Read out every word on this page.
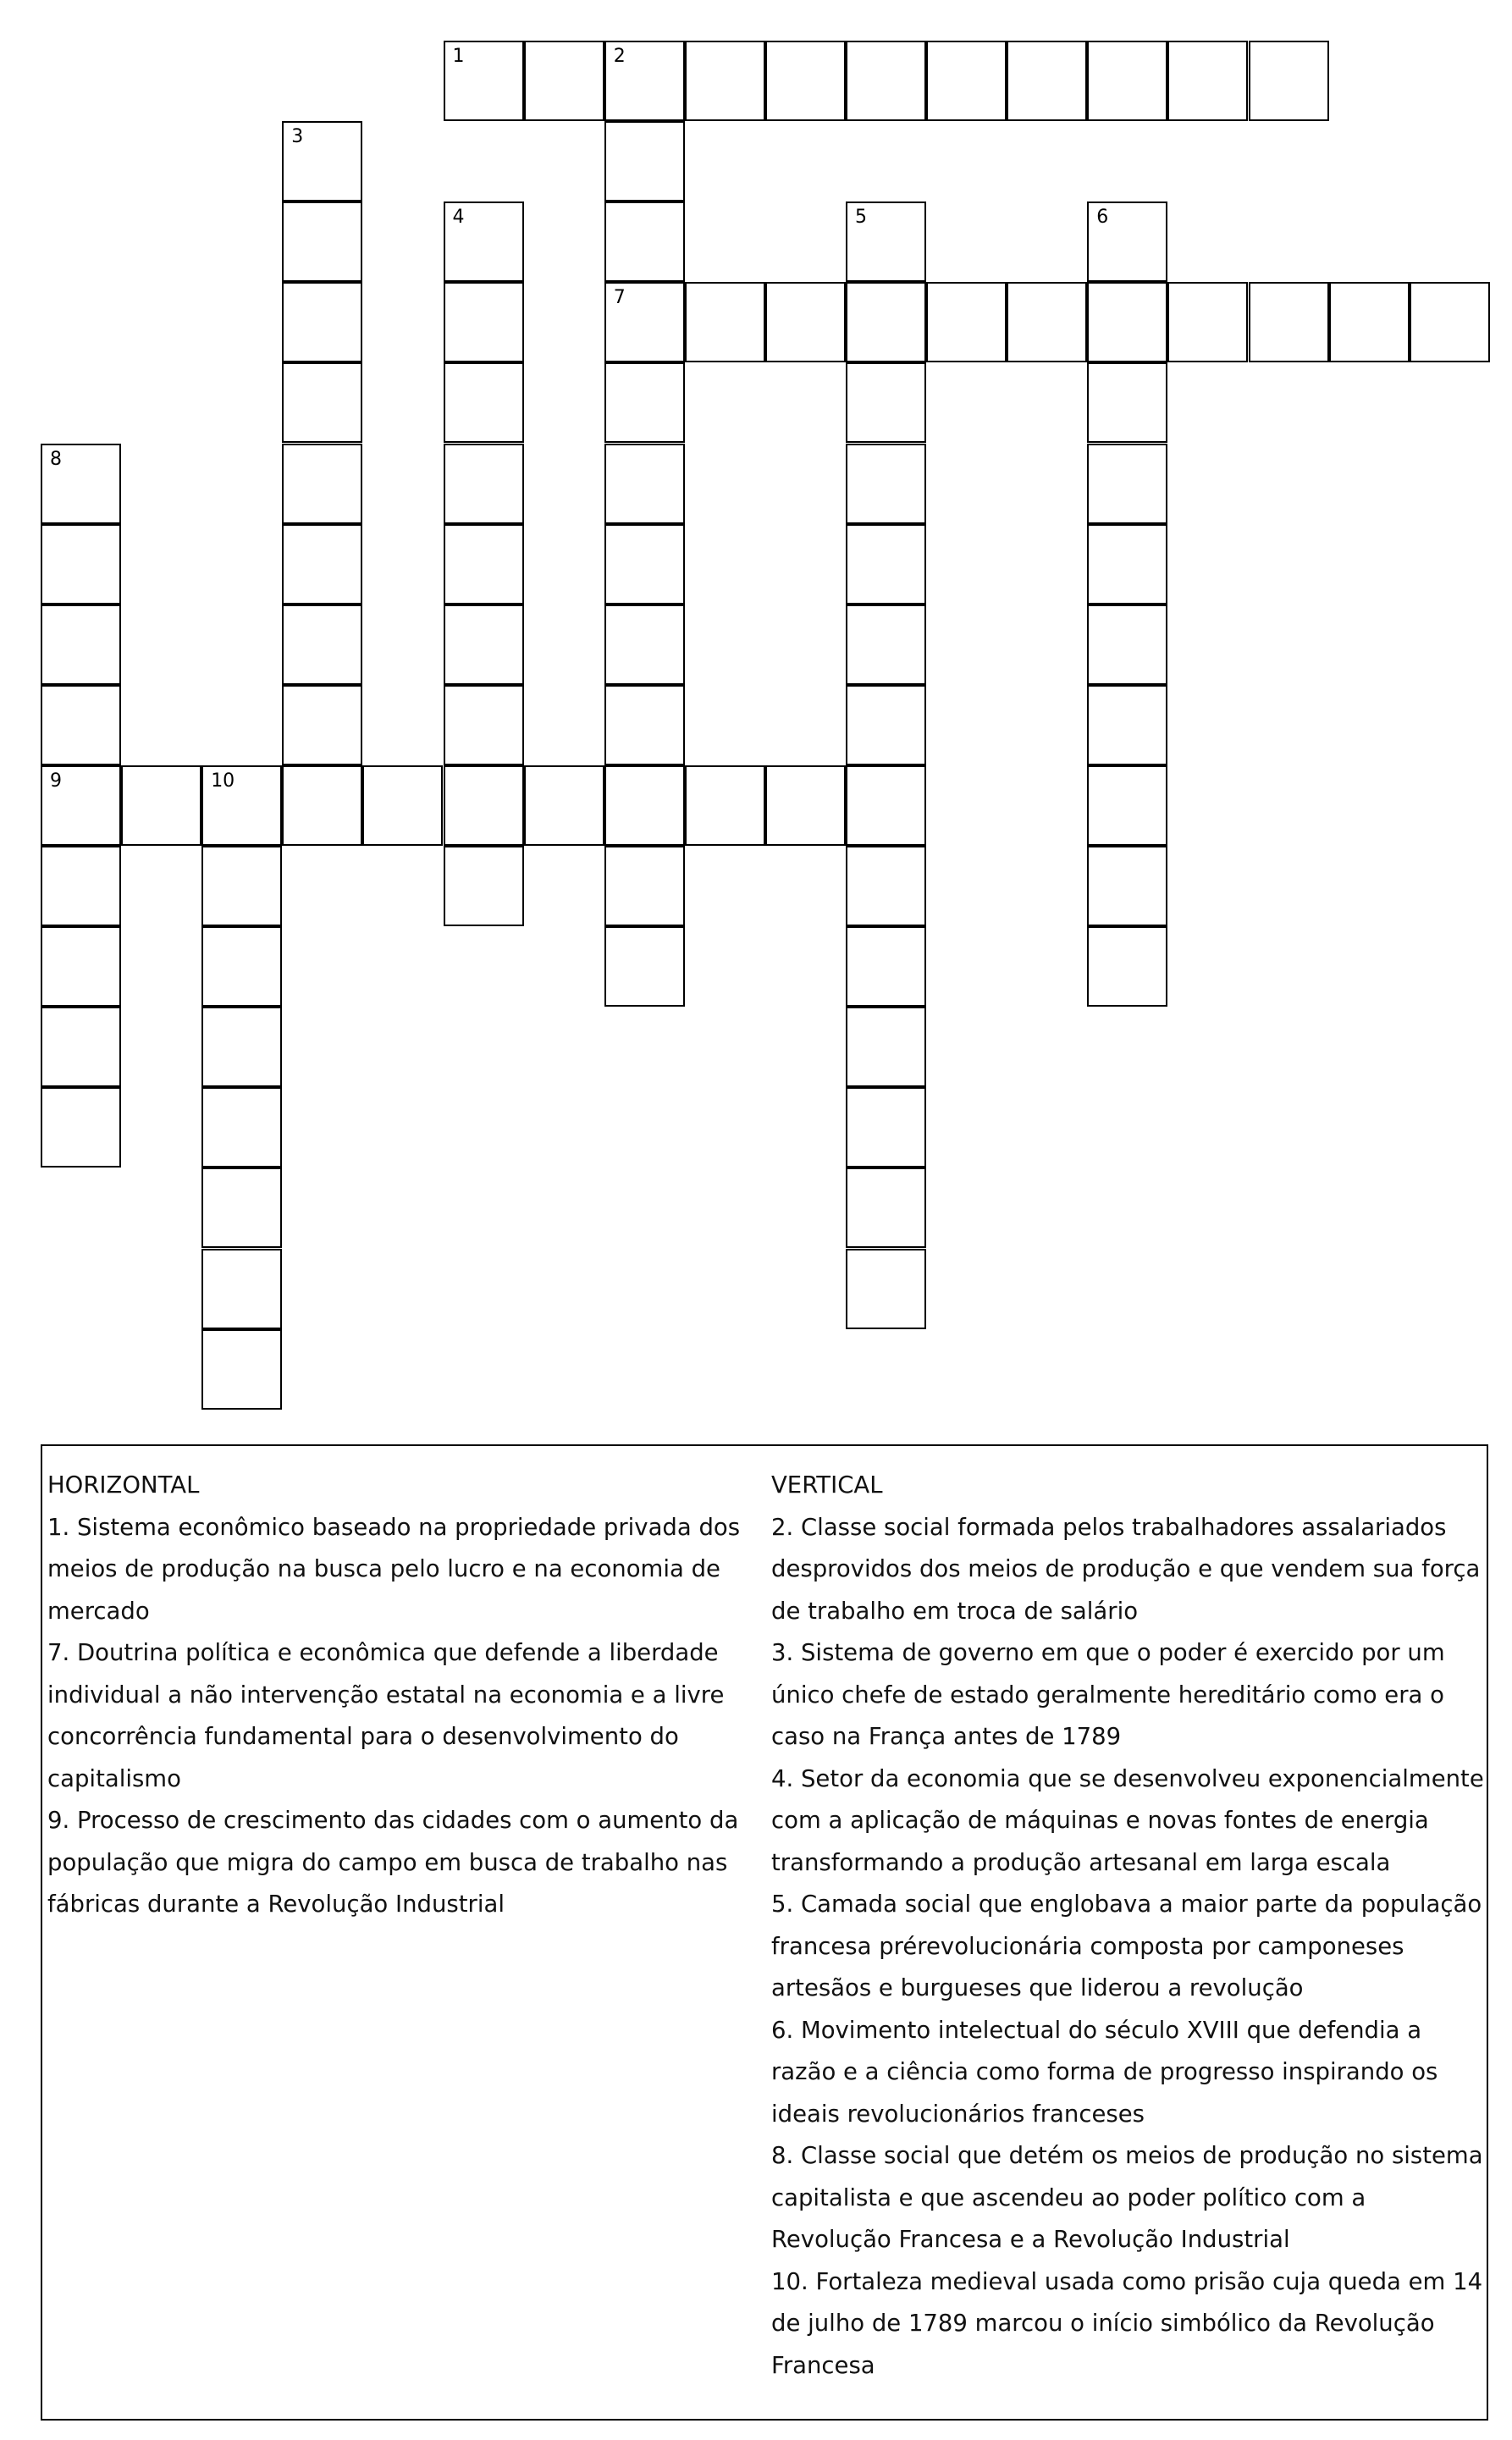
1	2
7
3
4	5	6
8
9	10

HORIZONTAL

1. Sistema econômico baseado na propriedade privada dos meios de produção na busca pelo lucro e na economia de mercado

7. Doutrina política e econômica que defende a liberdade individual a não intervenção estatal na economia e a livre concorrência fundamental para o desenvolvimento do capitalismo

9. Processo de crescimento das cidades com o aumento da população que migra do campo em busca de trabalho nas fábricas durante a Revolução Industrial

VERTICAL

2. Classe social formada pelos trabalhadores assalariados desprovidos dos meios de produção e que vendem sua força de trabalho em troca de salário

3. Sistema de governo em que o poder é exercido por um único chefe de estado geralmente hereditário como era o caso na França antes de 1789

4. Setor da economia que se desenvolveu exponencialmente com a aplicação de máquinas e novas fontes de energia transformando a produção artesanal em larga escala

5. Camada social que englobava a maior parte da população francesa prérevolucionária composta por camponeses artesãos e burgueses que liderou a revolução

6. Movimento intelectual do século XVIII que defendia a razão e a ciência como forma de progresso inspirando os ideais revolucionários franceses

8. Classe social que detém os meios de produção no sistema capitalista e que ascendeu ao poder político com a Revolução Francesa e a Revolução Industrial

10. Fortaleza medieval usada como prisão cuja queda em 14 de julho de 1789 marcou o início simbólico da Revolução Francesa
